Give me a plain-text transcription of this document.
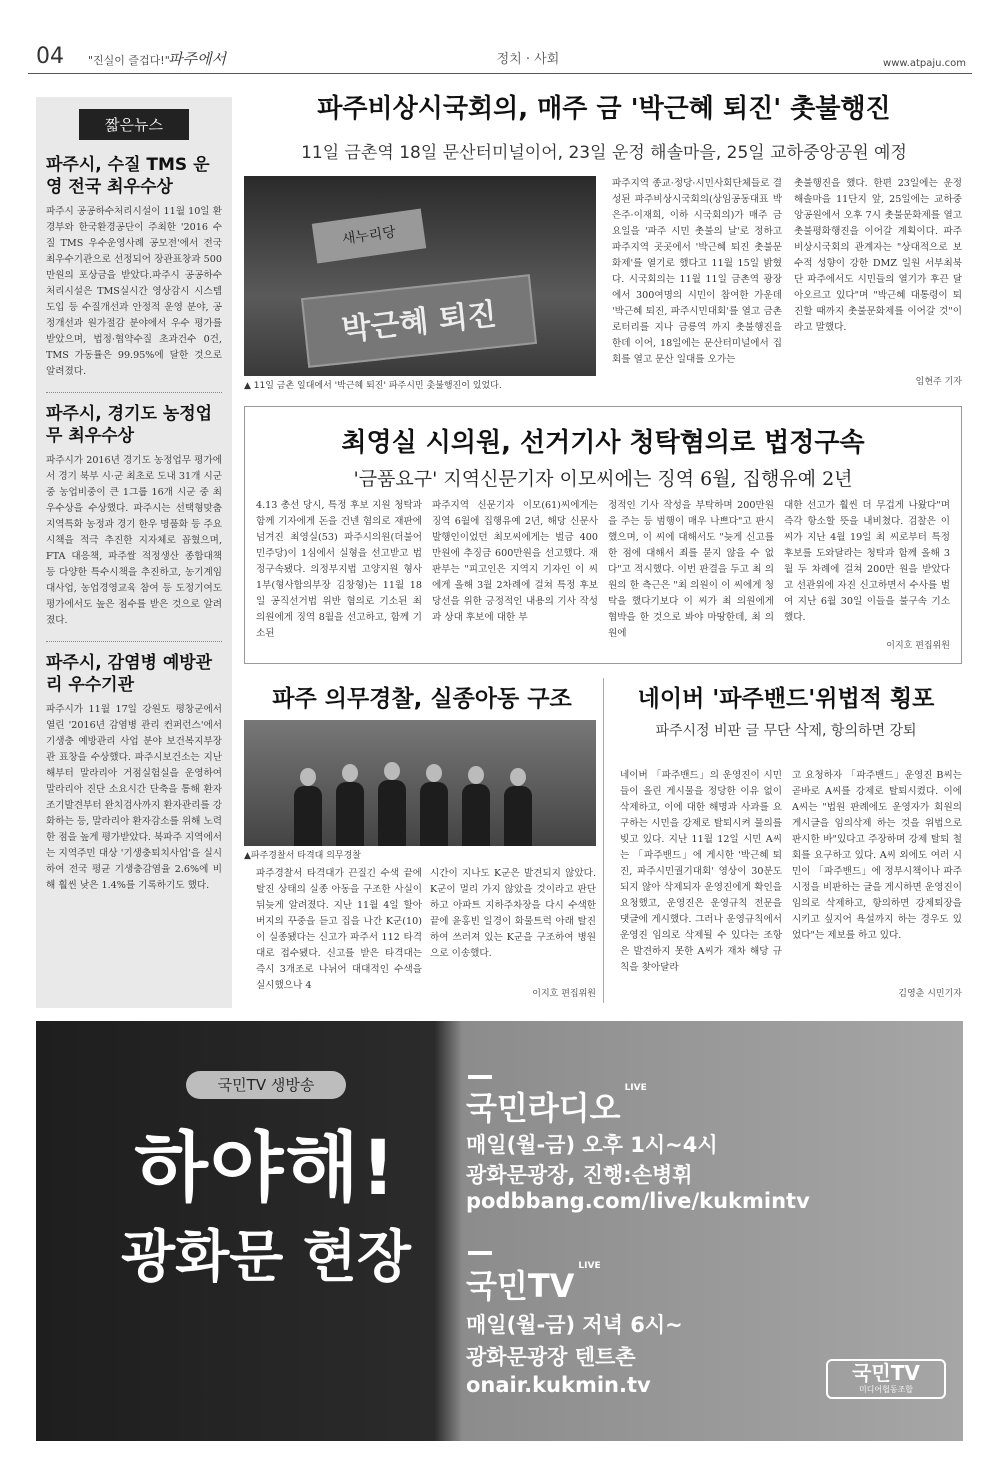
04 "진실이 즐겁다!"
파주에서	정치 · 사회	www.atpaju.com
짧은뉴스
파주시, 수질 TMS 운영 전국 최우수상
파주시 공공하수처리시설이 11월 10일 환경부와 한국환경공단이 주최한 '2016 수질 TMS 우수운영사례 공모전'에서 전국 최우수기관으로 선정되어 장관표창과 500만원의 포상금을 받았다.파주시 공공하수처리시설은 TMS실시간 영상감시 시스템 도입 등 수질개선과 안정적 운영 분야, 공정개선과 원가절감 분야에서 우수 평가를 받았으며, 법정·협약수질 초과건수 0건, TMS 가동률은 99.95%에 달한 것으로 알려졌다.
파주시, 경기도 농정업무 최우수상
파주시가 2016년 경기도 농정업무 평가에서 경기 북부 시·군 최초로 도내 31개 시군 중 농업비중이 큰 1그룹 16개 시군 중 최우수상을 수상했다. 파주시는 선택형맞춤 지역특화 농정과 경기 한우 명품화 등 주요시책을 적극 추진한 지자체로 꼽혔으며, FTA 대응책, 파주쌀 적정생산 종합대책 등 다양한 특수시책을 추진하고, 농기계임대사업, 농업경영교육 참여 등 도정기여도 평가에서도 높은 점수를 받은 것으로 알려졌다.
파주시, 감염병 예방관리 우수기관
파주시가 11월 17일 강원도 평창군에서 열린 '2016년 감염병 관리 컨퍼런스'에서 기생충 예방관리 사업 분야 보건복지부장관 표창을 수상했다. 파주시보건소는 지난해부터 말라리아 거점실험실을 운영하여 말라리아 진단 소요시간 단축을 통해 환자 조기발견부터 완치검사까지 환자관리를 강화하는 등, 말라리아 환자감소를 위해 노력한 점을 높게 평가받았다. 북파주 지역에서는 지역주민 대상 '기생충퇴치사업'을 실시하여 전국 평균 기생충감염율 2.6%에 비해 훨씬 낮은 1.4%를 기록하기도 했다.
파주비상시국회의, 매주 금 '박근혜 퇴진' 촛불행진
11일 금촌역 18일 문산터미널이어, 23일 운정 해솔마을, 25일 교하중앙공원 예정
새누리당
박근혜 퇴진
▲ 11일 금촌 일대에서 '박근혜 퇴진' 파주시민 촛불행진이 있었다.
파주지역 종교·정당·시민사회단체들로 결성된 파주비상시국회의(상임공동대표 박은주·이재희, 이하 시국회의)가 매주 금요일을 '파주 시민 촛불의 날'로 정하고 파주지역 곳곳에서 '박근혜 퇴진 촛불문화제'를 열기로 했다고 11월 15일 밝혔다. 시국회의는 11월 11일 금촌역 광장에서 300여명의 시민이 참여한 가운데 '박근혜 퇴진, 파주시민대회'를 열고 금촌 로터리를 지나 금릉역 까지 촛불행진을 한데 이어, 18일에는 문산터미널에서 집회를 열고 문산 일대를 오가는
촛불행진을 했다. 한편 23일에는 운정 해솔마을 11단지 앞, 25일에는 교하중앙공원에서 오후 7시 촛불문화제를 열고 촛불평화행진을 이어갈 계획이다. 파주비상시국회의 관계자는 "상대적으로 보수적 성향이 강한 DMZ 일원 서부최북단 파주에서도 시민들의 열기가 후끈 달아오르고 있다"며 "박근혜 대통령이 퇴진할 때까지 촛불문화제를 이어갈 것"이라고 말했다.
임현주 기자
최영실 시의원, 선거기사 청탁혐의로 법정구속
'금품요구' 지역신문기자 이모씨에는 징역 6월, 집행유예 2년
4.13 총선 당시, 특정 후보 지원 청탁과 함께 기자에게 돈을 건넨 혐의로 재판에 넘겨진 최영실(53) 파주시의원(더불어민주당)이 1심에서 실형을 선고받고 법정구속됐다. 의정부지법 고양지원 형사1부(형사합의부장 김창형)는 11월 18일 공직선거법 위반 혐의로 기소된 최 의원에게 징역 8월을 선고하고, 함께 기소된
파주지역 신문기자 이모(61)씨에게는 징역 6월에 집행유예 2년, 해당 신문사 발행인이었던 최모씨에게는 벌금 400만원에 추징금 600만원을 선고했다. 재판부는 "피고인은 지역지 기자인 이 씨에게 올해 3월 2차례에 걸쳐 특정 후보 당선을 위한 긍정적인 내용의 기사 작성과 상대 후보에 대한 부
정적인 기사 작성을 부탁하며 200만원을 주는 등 범행이 매우 나쁘다"고 판시했으며, 이 씨에 대해서도 "늦게 신고를 한 점에 대해서 죄를 묻지 않을 수 없다"고 적시했다. 이번 판결을 두고 최 의원의 한 측근은 "최 의원이 이 씨에게 청탁을 했다기보다 이 씨가 최 의원에게 협박을 한 것으로 봐야 마땅한데, 최 의원에
대한 선고가 훨씬 더 무겁게 나왔다"며 즉각 항소할 뜻을 내비쳤다. 검찰은 이 씨가 지난 4월 19일 최 씨로부터 특정 후보를 도와달라는 청탁과 함께 올해 3월 두 차례에 걸쳐 200만 원을 받았다고 선관위에 자진 신고하면서 수사를 벌여 지난 6월 30일 이들을 불구속 기소했다.
이지호 편집위원
파주 의무경찰, 실종아동 구조
▲파주경찰서 타격대 의무경찰
파주경찰서 타격대가 끈질긴 수색 끝에 탈진 상태의 실종 아동을 구조한 사실이 뒤늦게 알려졌다. 지난 11월 4일 할아버지의 꾸중을 듣고 집을 나간 K군(10)이 실종됐다는 신고가 파주서 112 타격대로 접수됐다. 신고를 받은 타격대는 즉시 3개조로 나뉘어 대대적인 수색을 실시했으나 4
시간이 지나도 K군은 발견되지 않았다. K군이 멀리 가지 않았을 것이라고 판단하고 아파트 지하주차장을 다시 수색한 끝에 윤홍빈 일경이 화물트럭 아래 탈진하여 쓰러져 있는 K군을 구조하여 병원으로 이송했다.
이지호 편집위원
네이버 '파주밴드'위법적 횡포
파주시정 비판 글 무단 삭제, 항의하면 강퇴
네이버 「파주밴드」의 운영진이 시민들이 올린 게시물을 정당한 이유 없이 삭제하고, 이에 대한 해명과 사과를 요구하는 시민을 강제로 탈퇴시켜 물의를 빚고 있다. 지난 11월 12일 시민 A씨는 「파주밴드」에 게시한 '박근혜 퇴진, 파주시민궐기대회' 영상이 30분도 되지 않아 삭제되자 운영진에게 확인을 요청했고, 운영진은 운영규칙 전문을 댓글에 게시했다. 그러나 운영규칙에서 운영진 임의로 삭제될 수 있다는 조항은 발견하지 못한 A씨가 재차 해당 규칙을 찾아달라
고 요청하자 「파주밴드」운영진 B씨는 곧바로 A씨를 강제로 탈퇴시켰다. 이에 A씨는 "법원 판례에도 운영자가 회원의 게시글을 임의삭제 하는 것을 위법으로 판시한 바"있다고 주장하며 강제 탈퇴 철회를 요구하고 있다. A씨 외에도 여러 시민이 「파주밴드」에 정부시책이나 파주시정을 비판하는 글을 게시하면 운영진이 임의로 삭제하고, 항의하면 강제퇴장을 시키고 싶지어 욕설까지 하는 경우도 있었다"는 제보를 하고 있다.
김영춘 시민기자
국민TV 생방송
하야해!
광화문 현장
국민라디오$^{LIVE}$
매일(월-금) 오후 1시~4시
광화문광장, 진행:손병휘
podbbang.com/live/kukmintv
국민$TV^{LIVE}$
매일(월-금) 저녁 6시~
광화문광장 텐트촌
onair.kukmin.tv	국민TV
미디어협동조합
